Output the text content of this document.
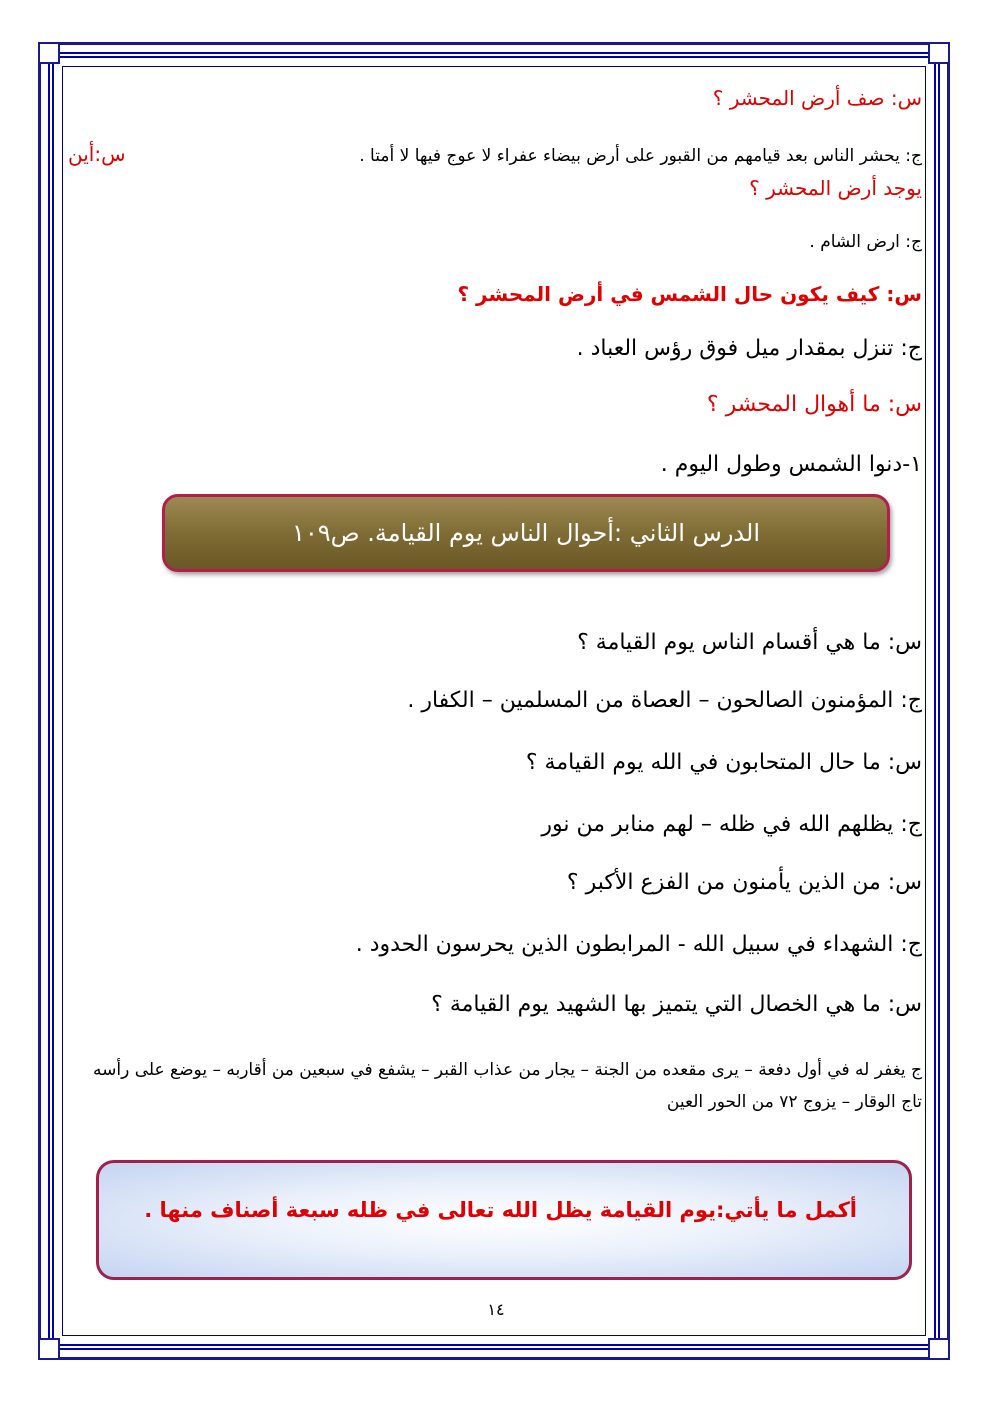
س: صف أرض المحشر ؟
ج: يحشر الناس بعد قيامهم من القبور على أرض بيضاء عفراء لا عوج فيها لا أمتا .
س:أين
يوجد أرض المحشر ؟
ج: ارض الشام .
س: كيف يكون حال الشمس في أرض المحشر ؟
ج: تنزل بمقدار ميل فوق رؤس العباد .
س: ما أهوال المحشر ؟
١-دنوا الشمس وطول اليوم .
الدرس الثاني :أحوال الناس يوم القيامة. ص١٠٩
س: ما هي أقسام الناس يوم القيامة ؟
ج: المؤمنون الصالحون – العصاة من المسلمين – الكفار .
س: ما حال المتحابون في الله يوم القيامة ؟
ج: يظلهم الله في ظله – لهم منابر من نور
س: من الذين يأمنون من الفزع الأكبر ؟
ج: الشهداء في سبيل الله - المرابطون الذين يحرسون الحدود .
س: ما هي الخصال التي يتميز بها الشهيد يوم القيامة ؟
ج يغفر له في أول دفعة – يرى مقعده من الجنة – يجار من عذاب القبر – يشفع في سبعين من أقاربه – يوضع على رأسه تاج الوقار – يزوج ٧٢ من الحور العين
أكمل ما يأتي:يوم القيامة يظل الله تعالى في ظله سبعة أصناف منها .
١٤
